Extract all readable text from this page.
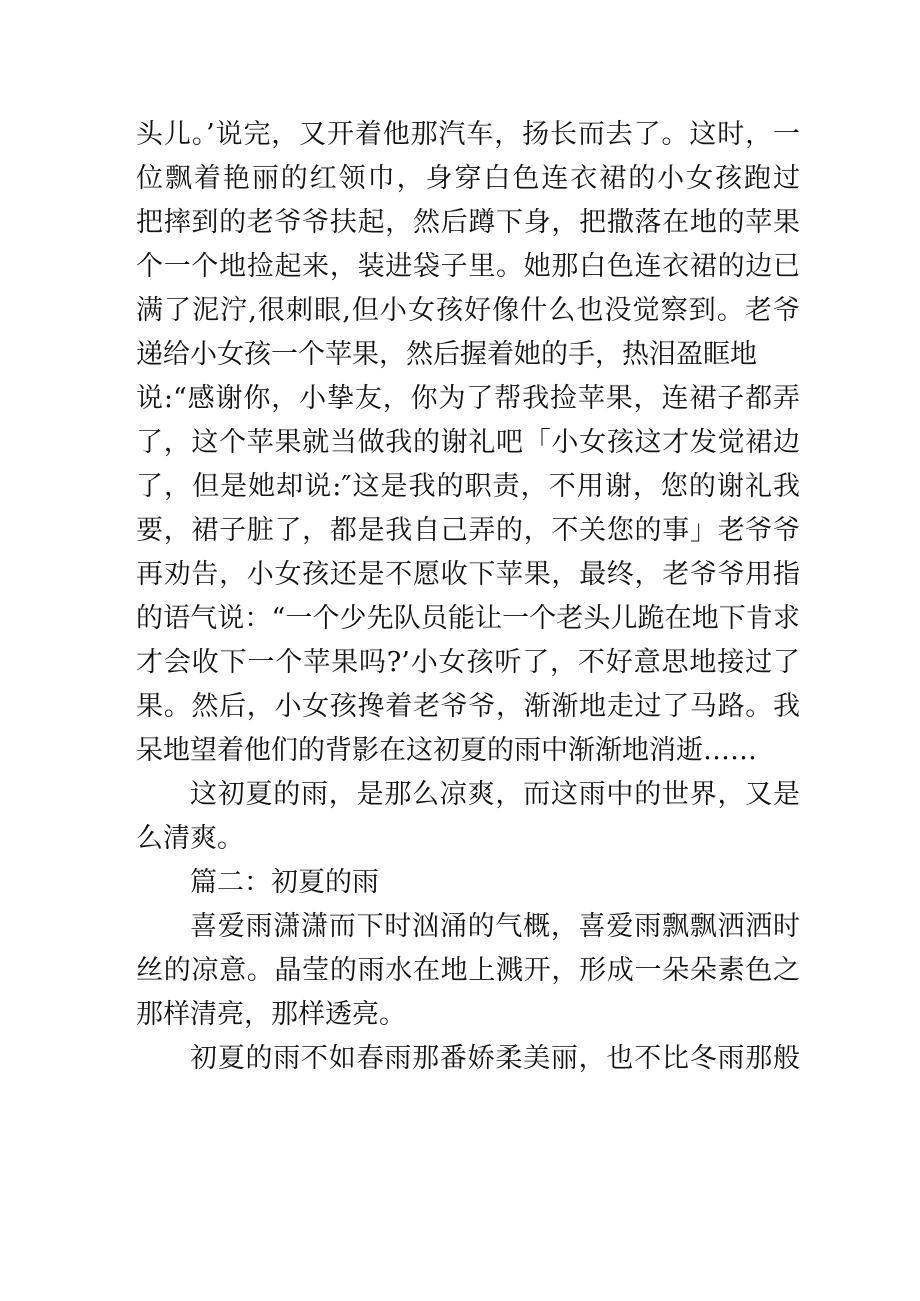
头儿。’说完，又开着他那汽车，扬长而去了。这时，一
位飘着艳丽的红领巾，身穿白色连衣裙的小女孩跑过
把摔到的老爷爷扶起，然后蹲下身，把撒落在地的苹果
个一个地捡起来，装进袋子里。她那白色连衣裙的边已
满了泥泞,很刺眼,但小女孩好像什么也没觉察到。老爷
递给小女孩一个苹果，然后握着她的手，热泪盈眶地
说:“感谢你，小挚友，你为了帮我捡苹果，连裙子都弄
了，这个苹果就当做我的谢礼吧「小女孩这才发觉裙边
了，但是她却说:″这是我的职责，不用谢，您的谢礼我
要，裙子脏了，都是我自己弄的，不关您的事」老爷爷
再劝告，小女孩还是不愿收下苹果，最终，老爷爷用指
的语气说：“一个少先队员能让一个老头儿跪在地下肯求
才会收下一个苹果吗?’小女孩听了，不好意思地接过了
果。然后，小女孩搀着老爷爷，渐渐地走过了马路。我
呆地望着他们的背影在这初夏的雨中渐渐地消逝……
这初夏的雨，是那么凉爽，而这雨中的世界，又是
么清爽。
篇二：初夏的雨
喜爱雨潇潇而下时汹涌的气概，喜爱雨飘飘洒洒时
丝的凉意。晶莹的雨水在地上溅开，形成一朵朵素色之
那样清亮，那样透亮。
初夏的雨不如春雨那番娇柔美丽，也不比冬雨那般
